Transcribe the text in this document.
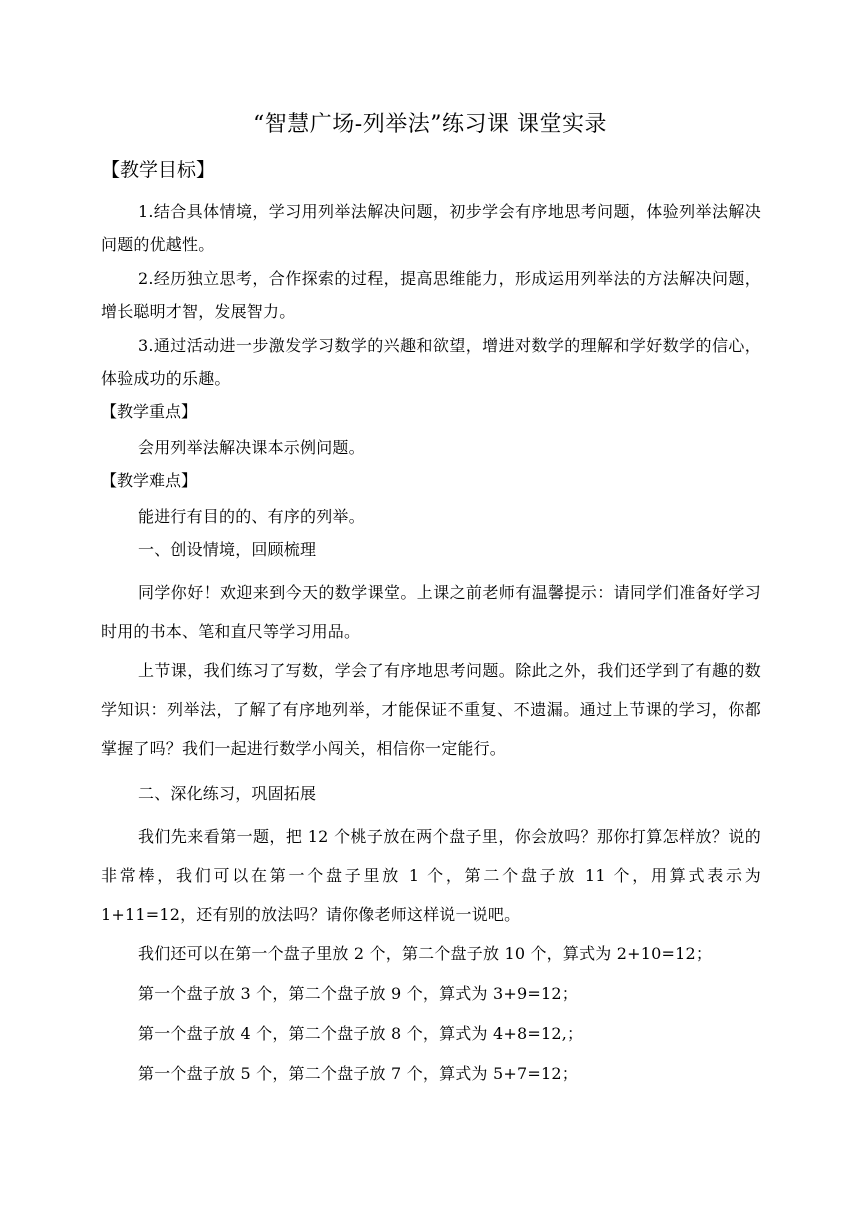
“智慧广场-列举法”练习课 课堂实录
【教学目标】
1.结合具体情境，学习用列举法解决问题，初步学会有序地思考问题，体验列举法解决问题的优越性。
2.经历独立思考，合作探索的过程，提高思维能力，形成运用列举法的方法解决问题，增长聪明才智，发展智力。
3.通过活动进一步激发学习数学的兴趣和欲望，增进对数学的理解和学好数学的信心，体验成功的乐趣。
【教学重点】
会用列举法解决课本示例问题。
【教学难点】
能进行有目的的、有序的列举。
一、创设情境，回顾梳理
同学你好！欢迎来到今天的数学课堂。上课之前老师有温馨提示：请同学们准备好学习时用的书本、笔和直尺等学习用品。
上节课，我们练习了写数，学会了有序地思考问题。除此之外，我们还学到了有趣的数学知识：列举法，了解了有序地列举，才能保证不重复、不遗漏。通过上节课的学习，你都掌握了吗？我们一起进行数学小闯关，相信你一定能行。
二、深化练习，巩固拓展
我们先来看第一题，把 12 个桃子放在两个盘子里，你会放吗？那你打算怎样放？说的非常棒，我们可以在第一个盘子里放 1 个，第二个盘子放 11 个，用算式表示为 1+11=12，还有别的放法吗？请你像老师这样说一说吧。
我们还可以在第一个盘子里放 2 个，第二个盘子放 10 个，算式为 2+10=12；
第一个盘子放 3 个，第二个盘子放 9 个，算式为 3+9=12；
第一个盘子放 4 个，第二个盘子放 8 个，算式为 4+8=12,；
第一个盘子放 5 个，第二个盘子放 7 个，算式为 5+7=12；
